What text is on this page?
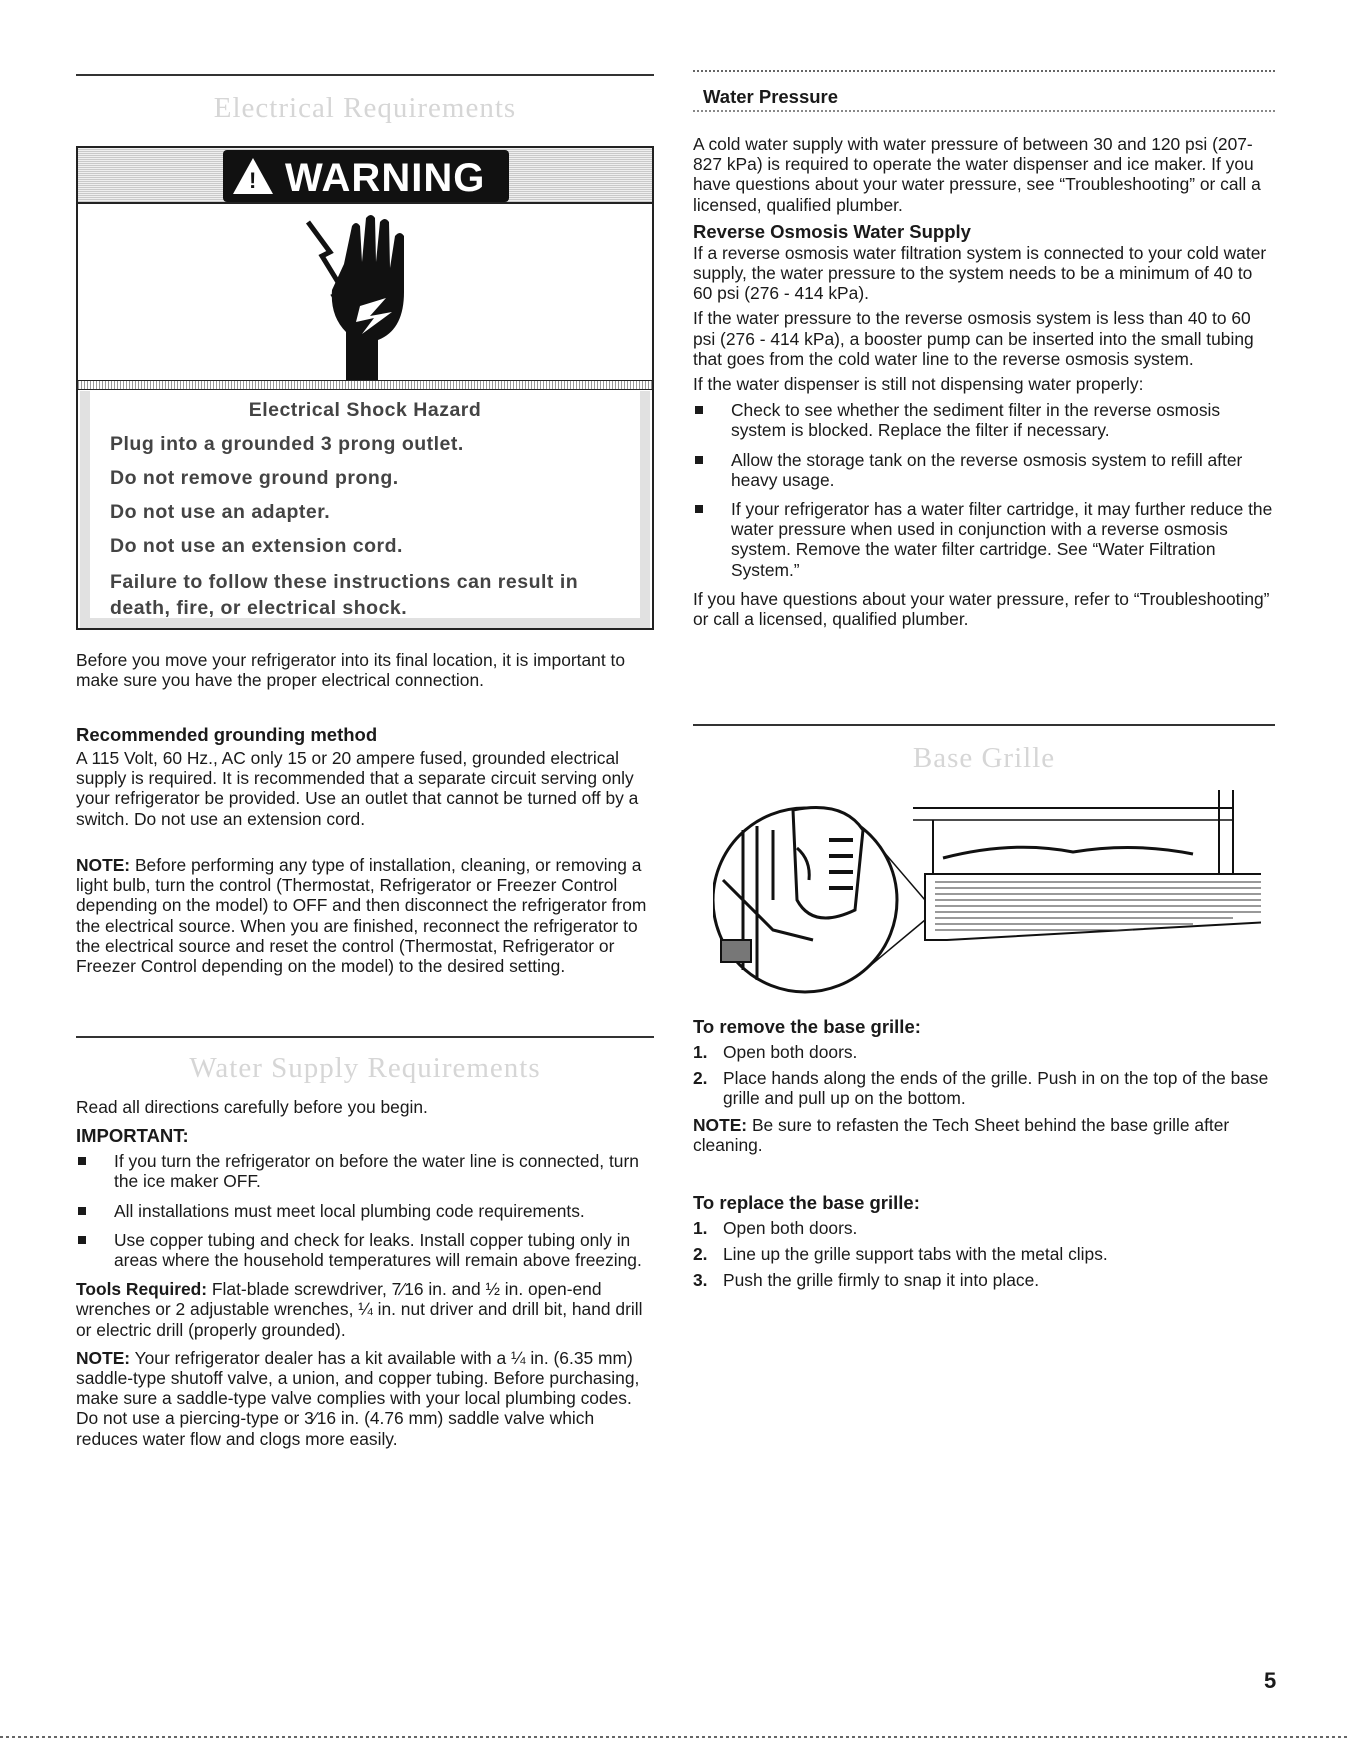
Electrical Requirements
! WARNING
Electrical Shock Hazard
Plug into a grounded 3 prong outlet.
Do not remove ground prong.
Do not use an adapter.
Do not use an extension cord.
Failure to follow these instructions can result in
death, fire, or electrical shock.

Before you move your refrigerator into its final location, it is important to make sure you have the proper electrical connection.

Recommended grounding method

A 115 Volt, 60 Hz., AC only 15 or 20 ampere fused, grounded electrical supply is required. It is recommended that a separate circuit serving only your refrigerator be provided. Use an outlet that cannot be turned off by a switch. Do not use an extension cord.

NOTE: Before performing any type of installation, cleaning, or removing a light bulb, turn the control (Thermostat, Refrigerator or Freezer Control depending on the model) to OFF and then disconnect the refrigerator from the electrical source. When you are finished, reconnect the refrigerator to the electrical source and reset the control (Thermostat, Refrigerator or Freezer Control depending on the model) to the desired setting.

Water Supply Requirements

Read all directions carefully before you begin.

IMPORTANT:
If you turn the refrigerator on before the water line is connected, turn the ice maker OFF.
All installations must meet local plumbing code requirements.
Use copper tubing and check for leaks. Install copper tubing only in areas where the household temperatures will remain above freezing.

Tools Required: Flat-blade screwdriver, 7⁄16 in. and ½ in. open-end wrenches or 2 adjustable wrenches, ¼ in. nut driver and drill bit, hand drill or electric drill (properly grounded).

NOTE: Your refrigerator dealer has a kit available with a ¼ in. (6.35 mm) saddle-type shutoff valve, a union, and copper tubing. Before purchasing, make sure a saddle-type valve complies with your local plumbing codes. Do not use a piercing-type or 3⁄16 in. (4.76 mm) saddle valve which reduces water flow and clogs more easily.

Water Pressure

A cold water supply with water pressure of between 30 and 120 psi (207-827 kPa) is required to operate the water dispenser and ice maker. If you have questions about your water pressure, see “Troubleshooting” or call a licensed, qualified plumber.

Reverse Osmosis Water Supply

If a reverse osmosis water filtration system is connected to your cold water supply, the water pressure to the system needs to be a minimum of 40 to 60 psi (276 - 414 kPa).

If the water pressure to the reverse osmosis system is less than 40 to 60 psi (276 - 414 kPa), a booster pump can be inserted into the small tubing that goes from the cold water line to the reverse osmosis system.

If the water dispenser is still not dispensing water properly:

Check to see whether the sediment filter in the reverse osmosis system is blocked. Replace the filter if necessary.
Allow the storage tank on the reverse osmosis system to refill after heavy usage.
If your refrigerator has a water filter cartridge, it may further reduce the water pressure when used in conjunction with a reverse osmosis system. Remove the water filter cartridge. See “Water Filtration System.”

If you have questions about your water pressure, refer to “Troubleshooting” or call a licensed, qualified plumber.

Base Grille
To remove the base grille:
1. Open both doors.
2. Place hands along the ends of the grille. Push in on the top of the base grille and pull up on the bottom.

NOTE: Be sure to refasten the Tech Sheet behind the base grille after cleaning.

To replace the base grille:
1. Open both doors.
2. Line up the grille support tabs with the metal clips.
3. Push the grille firmly to snap it into place.
5
